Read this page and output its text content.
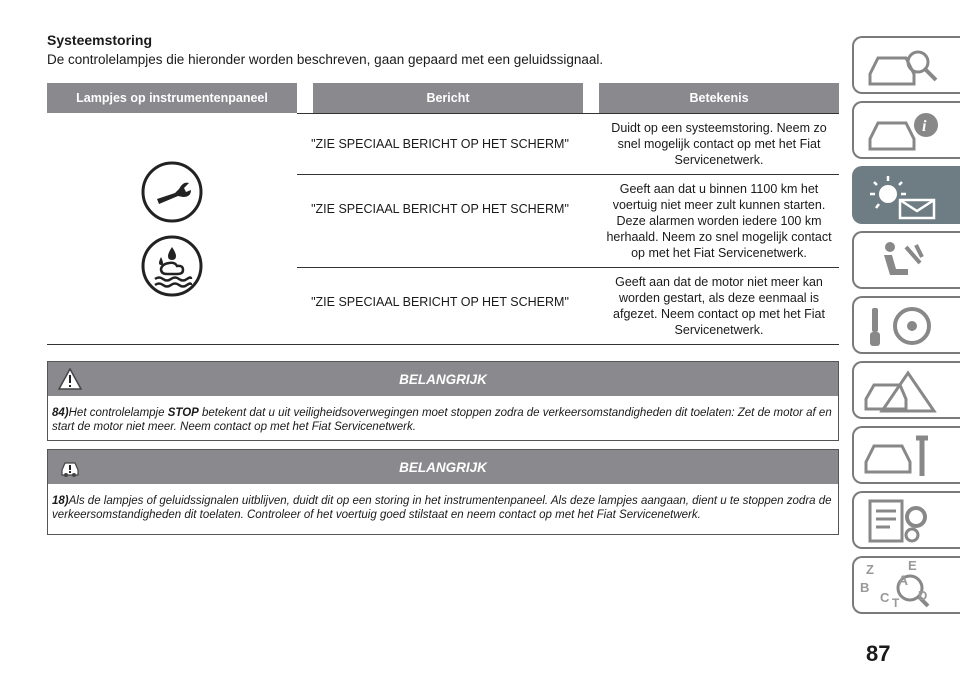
Systeemstoring
De controlelampjes die hieronder worden beschreven, gaan gepaard met een geluidssignaal.
Lampjes op instrumentenpaneel	Bericht	Betekenis

	"ZIE SPECIAAL BERICHT OP HET SCHERM"	Duidt op een systeemstoring. Neem zo snel mogelijk contact op met het Fiat Servicenetwerk.
	"ZIE SPECIAAL BERICHT OP HET SCHERM"	Geeft aan dat u binnen 1100 km het voertuig niet meer zult kunnen starten. Deze alarmen worden iedere 100 km herhaald. Neem zo snel mogelijk contact op met het Fiat Servicenetwerk.
	"ZIE SPECIAAL BERICHT OP HET SCHERM"	Geeft aan dat de motor niet meer kan worden gestart, als deze eenmaal is afgezet. Neem contact op met het Fiat Servicenetwerk.
BELANGRIJK
84)Het controlelampje STOP betekent dat u uit veiligheidsoverwegingen moet stoppen zodra de verkeersomstandigheden dit toelaten: Zet de motor af en start de motor niet meer. Neem contact op met het Fiat Servicenetwerk.
BELANGRIJK
18)Als de lampjes of geluidssignalen uitblijven, duidt dit op een storing in het instrumentenpaneel. Als deze lampjes aangaan, dient u te stoppen zodra de verkeersomstandigheden dit toelaten. Controleer of het voertuig goed stilstaat en neem contact op met het Fiat Servicenetwerk.
i
Z	E
A
B
C D
T
87
